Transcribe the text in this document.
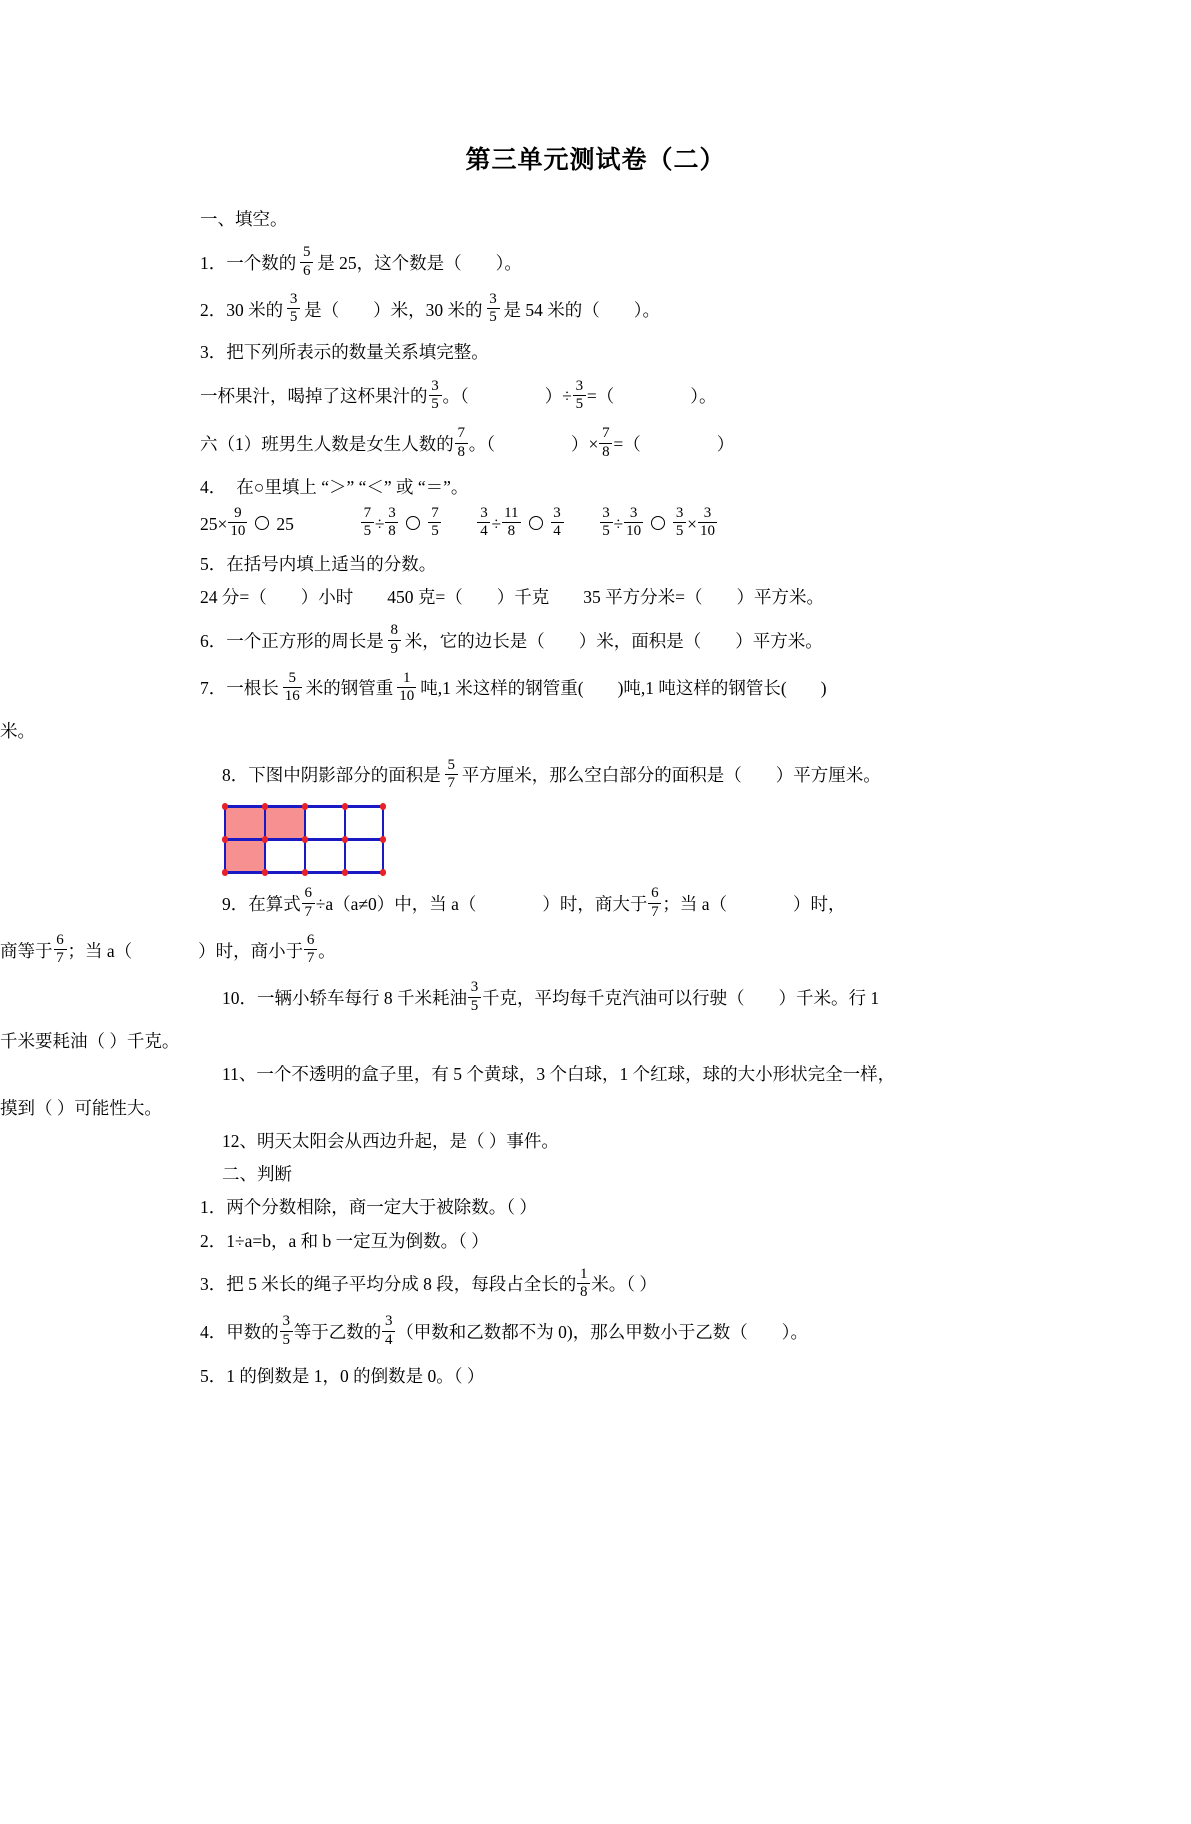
第三单元测试卷（二）
一、填空。
1． 一个数的 $\frac{5}{6}$ 是 25，这个数是（ ）。
2． 30 米的 $\frac{3}{5}$ 是（ ）米，30 米的 $\frac{3}{5}$ 是 54 米的（ ）。
3． 把下列所表示的数量关系填完整。
一杯果汁，喝掉了这杯果汁的 $\frac{3}{5}$ 。（	）÷ $\frac{3}{5}$ =（	）。
六（1）班男生人数是女生人数的 $\frac{7}{8}$ 。（	）× $\frac{7}{8}$ =（	）
4． 在○里填上 “＞” “＜” 或 “＝”。
$25 \times \frac{9}{10} 25$	$\frac{7}{5} \div \frac{3}{8} \frac{7}{5} \frac{3}{4} \div \frac{11}{8} \frac{3}{4} \frac{3}{5} \div \frac{3}{10} \frac{3}{5} \times \frac{3}{10}$
5． 在括号内填上适当的分数。
24 分=（ ）小时 450 克=（ ）千克 35 平方分米=（ ）平方米。
6． 一个正方形的周长是 $\frac{8}{9}$ 米，它的边长是（ ）米，面积是（ ）平方米。
7． 一根长 $\frac{5}{16}$ 米的钢管重 $\frac{1}{10}$ 吨,1 米这样的钢管重( )吨,1 吨这样的钢管长( )
米。
8． 下图中阴影部分的面积是 $\frac{5}{7}$ 平方厘米，那么空白部分的面积是（ ）平方厘米。
9． 在算式 $\frac{6}{7} \div a(a\ne 0)$中，当 a（	）时，商大于 $\frac{6}{7}$ ；当 a（	）时，
商等于 $\frac{6}{7}$ ；当 a（	）时，商小于 $\frac{6}{7}$ 。
10． 一辆小轿车每行 8 千米耗油 $\frac{3}{5}$ 千克，平均每千克汽油可以行驶（ ）千米。行 1
千米要耗油（ ）千克。
11、 一个不透明的盒子里，有 5 个黄球，3 个白球，1 个红球，球的大小形状完全一样，
摸到（ ）可能性大。
12、 明天太阳会从西边升起，是（ ）事件。
二、判断
1．两个分数相除，商一定大于被除数。（ ）
2．1÷a=b，a 和 b 一定互为倒数。（ ）
3． 把 5 米长的绳子平均分成 8 段，每段占全长的 $\frac{1}{8}$ 米。（ ）
4． 甲数的 $\frac{3}{5}$ 等于乙数的 $\frac{3}{4}$ （甲数和乙数都不为 0)，那么甲数小于乙数（ ）。
5．1 的倒数是 1，0 的倒数是 0。（ ）
